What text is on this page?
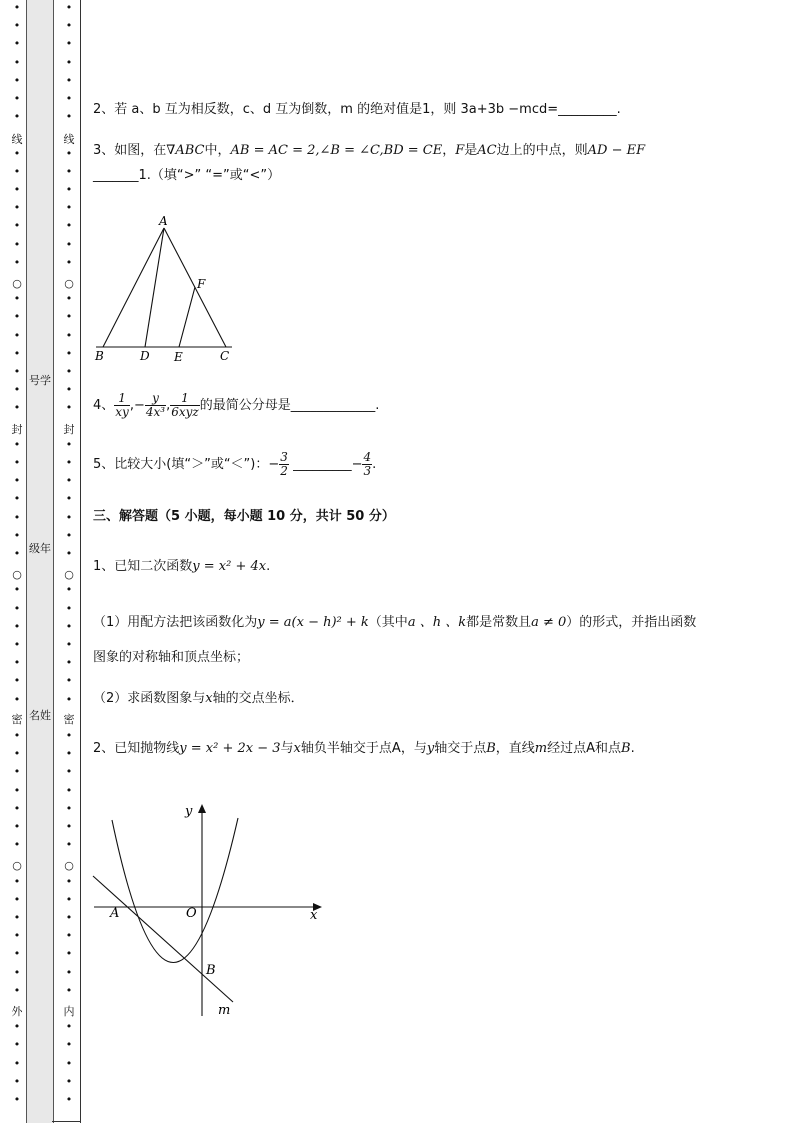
线
封
密
外
○
○
○
•
•
•
•
•
•
•
•
•
•
•
•
•
•
•
•
•
•
•
•
•
•
•
•
•
•
•
•
•
•
•
•
•
•
•
•
•
•
•
•
•
•
•
•
•
•
•
•
•
•
•
•
•
•
号学
级年
名姓
线
封
密
内
○
○
○
•
•
•
•
•
•
•
•
•
•
•
•
•
•
•
•
•
•
•
•
•
•
•
•
•
•
•
•
•
•
•
•
•
•
•
•
•
•
•
•
•
•
•
•
•
•
•
•
•
•
•
•
•
•
2、若 a、b 互为相反数，c、d 互为倒数，m 的绝对值是1，则 3a+3b −mcd=_________.
3、如图，在∇ABC中，AB = AC = 2,∠B = ∠C,BD = CE，F是AC边上的中点，则AD − EF
_______1.（填“>” “=”或“<”）
A
B	D E	C
F
4、 $\frac{1}{xy}$ ,− $\frac{y}{\text{4x³}}$ , $\frac{1}{\text{6xyz}}$ 的最简公分母是_____________.
5、比较大小(填“＞”或“＜”)：− $\frac{3}{2}$ _________− $\frac{4}{3}$ .
三、解答题（5 小题，每小题 10 分，共计 50 分）
1、已知二次函数y = x² + 4x.
（1）用配方法把该函数化为y = a(x − h)² + k（其中a 、h 、k都是常数且a ≠ 0）的形式，并指出函数
图象的对称轴和顶点坐标；
（2）求函数图象与x轴的交点坐标．
2、已知抛物线y = x² + 2x − 3与x轴负半轴交于点A，与y轴交于点B，直线m经过点A和点B.
y
x
O
A
B
m
